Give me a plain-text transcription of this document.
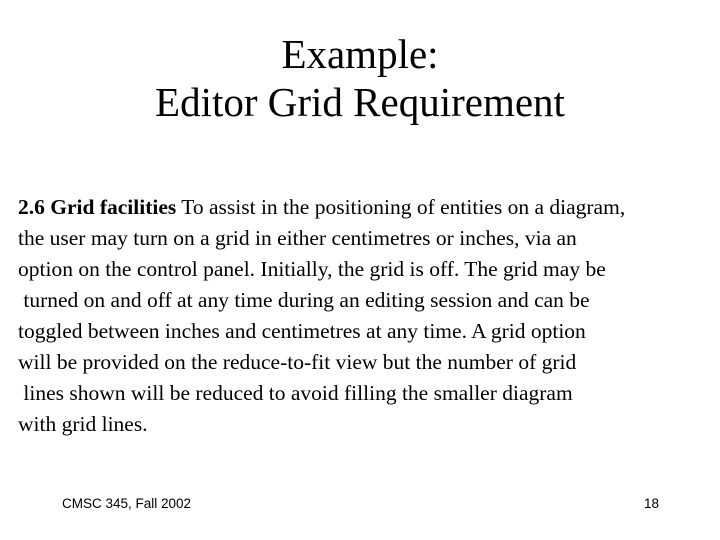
Example:
Editor Grid Requirement
2.6 Grid facilities To assist in the positioning of entities on a diagram,
the user may turn on a grid in either centimetres or inches, via an
option on the control panel. Initially, the grid is off. The grid may be
turned on and off at any time during an editing session and can be
toggled between inches and centimetres at any time. A grid option
will be provided on the reduce-to-fit view but the number of grid
lines shown will be reduced to avoid filling the smaller diagram
with grid lines.
CMSC 345, Fall 2002	18
